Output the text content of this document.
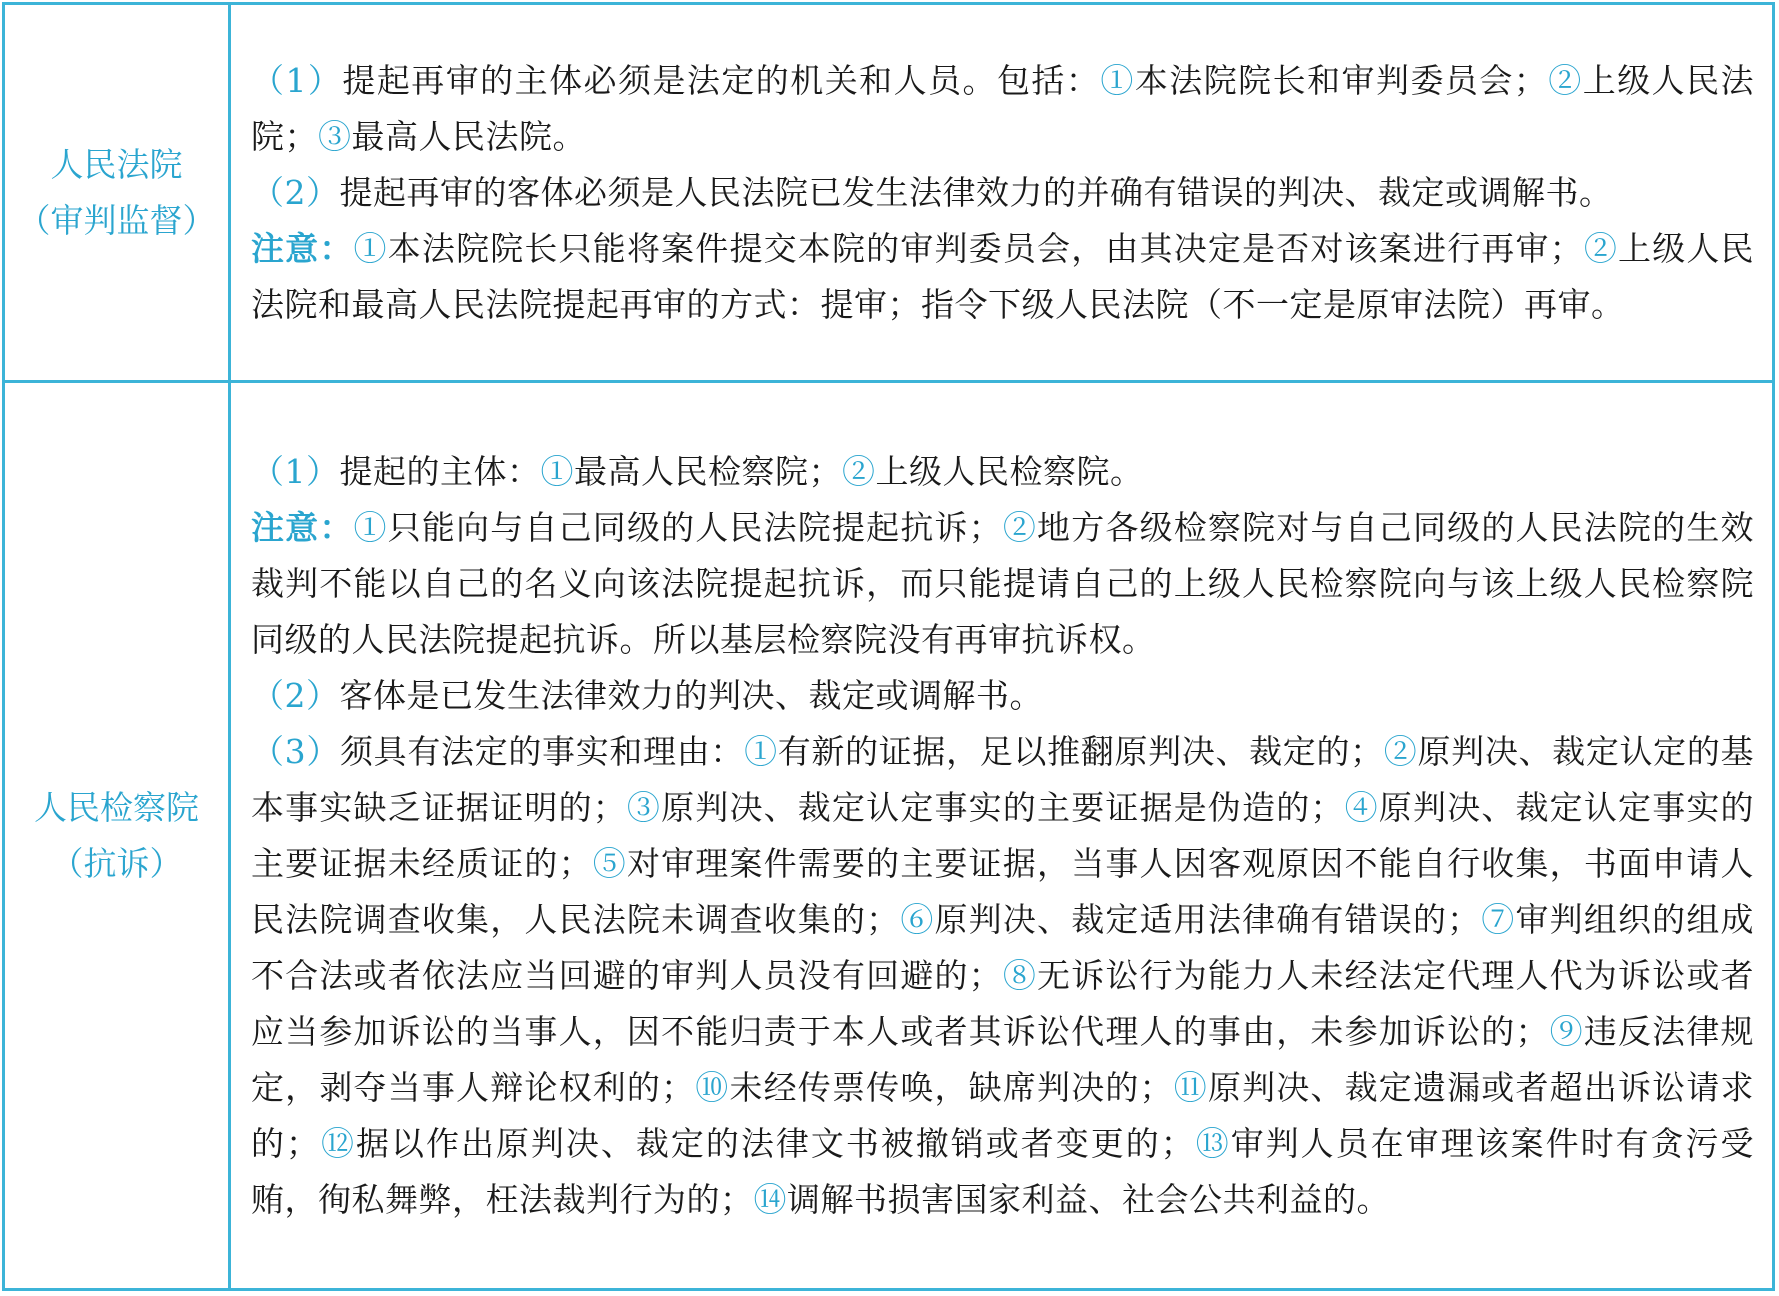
人民法院
（审判监督）

（1）提起再审的主体必须是法定的机关和人员。包括：①本法院院长和审判委员会；②上级人民法院；③最高人民法院。

（2）提起再审的客体必须是人民法院已发生法律效力的并确有错误的判决、裁定或调解书。

注意：①本法院院长只能将案件提交本院的审判委员会，由其决定是否对该案进行再审；②上级人民法院和最高人民法院提起再审的方式：提审；指令下级人民法院（不一定是原审法院）再审。

人民检察院
（抗诉）

（1）提起的主体：①最高人民检察院；②上级人民检察院。

注意：①只能向与自己同级的人民法院提起抗诉；②地方各级检察院对与自己同级的人民法院的生效裁判不能以自己的名义向该法院提起抗诉，而只能提请自己的上级人民检察院向与该上级人民检察院同级的人民法院提起抗诉。所以基层检察院没有再审抗诉权。

（2）客体是已发生法律效力的判决、裁定或调解书。

（3）须具有法定的事实和理由：①有新的证据，足以推翻原判决、裁定的；②原判决、裁定认定的基本事实缺乏证据证明的；③原判决、裁定认定事实的主要证据是伪造的；④原判决、裁定认定事实的主要证据未经质证的；⑤对审理案件需要的主要证据，当事人因客观原因不能自行收集，书面申请人民法院调查收集，人民法院未调查收集的；⑥原判决、裁定适用法律确有错误的；⑦审判组织的组成不合法或者依法应当回避的审判人员没有回避的；⑧无诉讼行为能力人未经法定代理人代为诉讼或者应当参加诉讼的当事人，因不能归责于本人或者其诉讼代理人的事由，未参加诉讼的；⑨违反法律规定，剥夺当事人辩论权利的；⑩未经传票传唤，缺席判决的；⑪原判决、裁定遗漏或者超出诉讼请求的；⑫据以作出原判决、裁定的法律文书被撤销或者变更的；⑬审判人员在审理该案件时有贪污受贿，徇私舞弊，枉法裁判行为的；⑭调解书损害国家利益、社会公共利益的。
